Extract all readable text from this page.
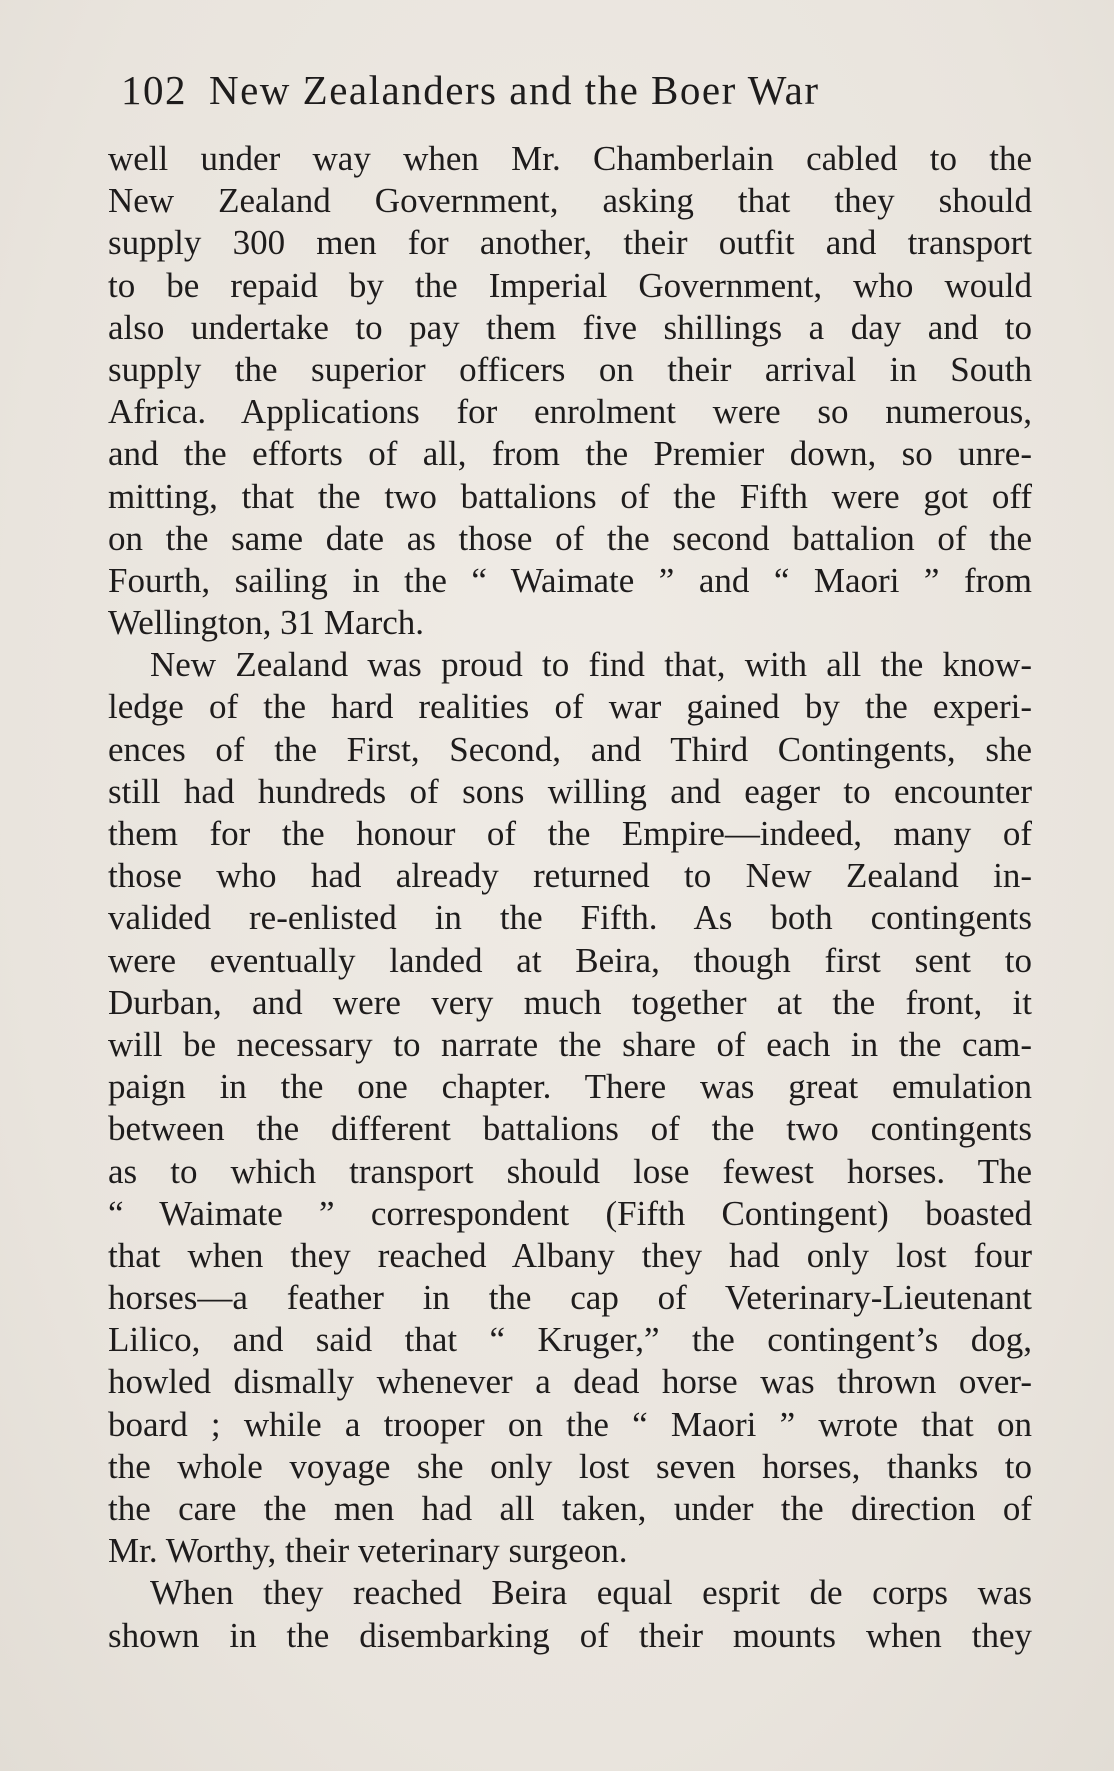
102 New Zealanders and the Boer War
well under way when Mr. Chamberlain cabled to the
New Zealand Government, asking that they should
supply 300 men for another, their outfit and transport
to be repaid by the Imperial Government, who would
also undertake to pay them five shillings a day and to
supply the superior officers on their arrival in South
Africa. Applications for enrolment were so numerous,
and the efforts of all, from the Premier down, so unre-
mitting, that the two battalions of the Fifth were got off
on the same date as those of the second battalion of the
Fourth, sailing in the “ Waimate ” and “ Maori ” from
Wellington, 31 March.
New Zealand was proud to find that, with all the know-
ledge of the hard realities of war gained by the experi-
ences of the First, Second, and Third Contingents, she
still had hundreds of sons willing and eager to encounter
them for the honour of the Empire—indeed, many of
those who had already returned to New Zealand in-
valided re-enlisted in the Fifth. As both contingents
were eventually landed at Beira, though first sent to
Durban, and were very much together at the front, it
will be necessary to narrate the share of each in the cam-
paign in the one chapter. There was great emulation
between the different battalions of the two contingents
as to which transport should lose fewest horses. The
“ Waimate ” correspondent (Fifth Contingent) boasted
that when they reached Albany they had only lost four
horses—a feather in the cap of Veterinary-Lieutenant
Lilico, and said that “ Kruger,” the contingent’s dog,
howled dismally whenever a dead horse was thrown over-
board ; while a trooper on the “ Maori ” wrote that on
the whole voyage she only lost seven horses, thanks to
the care the men had all taken, under the direction of
Mr. Worthy, their veterinary surgeon.
When they reached Beira equal esprit de corps was
shown in the disembarking of their mounts when they
